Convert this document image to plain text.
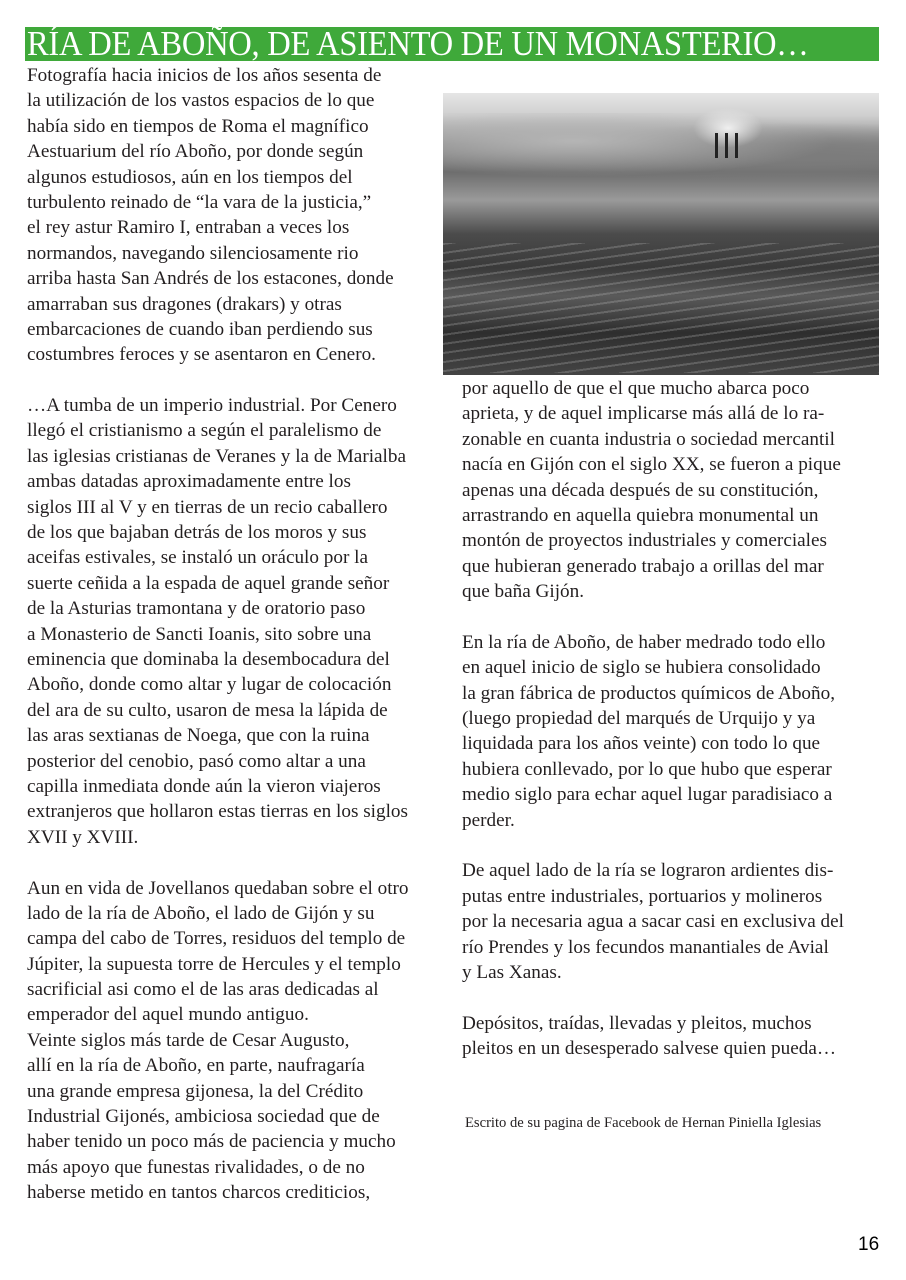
RÍA DE ABOÑO, DE ASIENTO DE UN MONASTERIO…
Fotografía hacia inicios de los años sesenta de
la utilización de los vastos espacios de lo que
había sido en tiempos de Roma el magnífico
Aestuarium del río Aboño, por donde según
algunos estudiosos, aún en los tiempos del
turbulento reinado de “la vara de la justicia,”
el rey astur Ramiro I, entraban a veces los
normandos, navegando silenciosamente rio
arriba hasta San Andrés de los estacones, donde
amarraban sus dragones (drakars) y otras
embarcaciones de cuando iban perdiendo sus
costumbres feroces y se asentaron en Cenero.
…A tumba de un imperio industrial. Por Cenero
llegó el cristianismo a según el paralelismo de
las iglesias cristianas de Veranes y la de Marialba
ambas datadas aproximadamente entre los
siglos III al V y en tierras de un recio caballero
de los que bajaban detrás de los moros y sus
aceifas estivales, se instaló un oráculo por la
suerte ceñida a la espada de aquel grande señor
de la Asturias tramontana y de oratorio paso
a Monasterio de Sancti Ioanis, sito sobre una
eminencia que dominaba la desembocadura del
Aboño, donde como altar y lugar de colocación
del ara de su culto, usaron de mesa la lápida de
las aras sextianas de Noega, que con la ruina
posterior del cenobio, pasó como altar a una
capilla inmediata donde aún la vieron viajeros
extranjeros que hollaron estas tierras en los siglos
XVII y XVIII.
Aun en vida de Jovellanos quedaban sobre el otro
lado de la ría de Aboño, el lado de Gijón y su
campa del cabo de Torres, residuos del templo de
Júpiter, la supuesta torre de Hercules y el templo
sacrificial asi como el de las aras dedicadas al
emperador del aquel mundo antiguo.
Veinte siglos más tarde de Cesar Augusto,
allí en la ría de Aboño, en parte, naufragaría
una grande empresa gijonesa, la del Crédito
Industrial Gijonés, ambiciosa sociedad que de
haber tenido un poco más de paciencia y mucho
más apoyo que funestas rivalidades, o de no
haberse metido en tantos charcos crediticios,
por aquello de que el que mucho abarca poco
aprieta, y de aquel implicarse más allá de lo ra-
zonable en cuanta industria o sociedad mercantil
nacía en Gijón con el siglo XX, se fueron a pique
apenas una década después de su constitución,
arrastrando en aquella quiebra monumental un
montón de proyectos industriales y comerciales
que hubieran generado trabajo a orillas del mar
que baña Gijón.
En la ría de Aboño, de haber medrado todo ello
en aquel inicio de siglo se hubiera consolidado
la gran fábrica de productos químicos de Aboño,
(luego propiedad del marqués de Urquijo y ya
liquidada para los años veinte) con todo lo que
hubiera conllevado, por lo que hubo que esperar
medio siglo para echar aquel lugar paradisiaco a
perder.
De aquel lado de la ría se lograron ardientes dis-
putas entre industriales, portuarios y molineros
por la necesaria agua a sacar casi en exclusiva del
río Prendes y los fecundos manantiales de Avial
y Las Xanas.
Depósitos, traídas, llevadas y pleitos, muchos
pleitos en un desesperado salvese quien pueda…
Escrito de su pagina de Facebook de Hernan Piniella Iglesias
16
